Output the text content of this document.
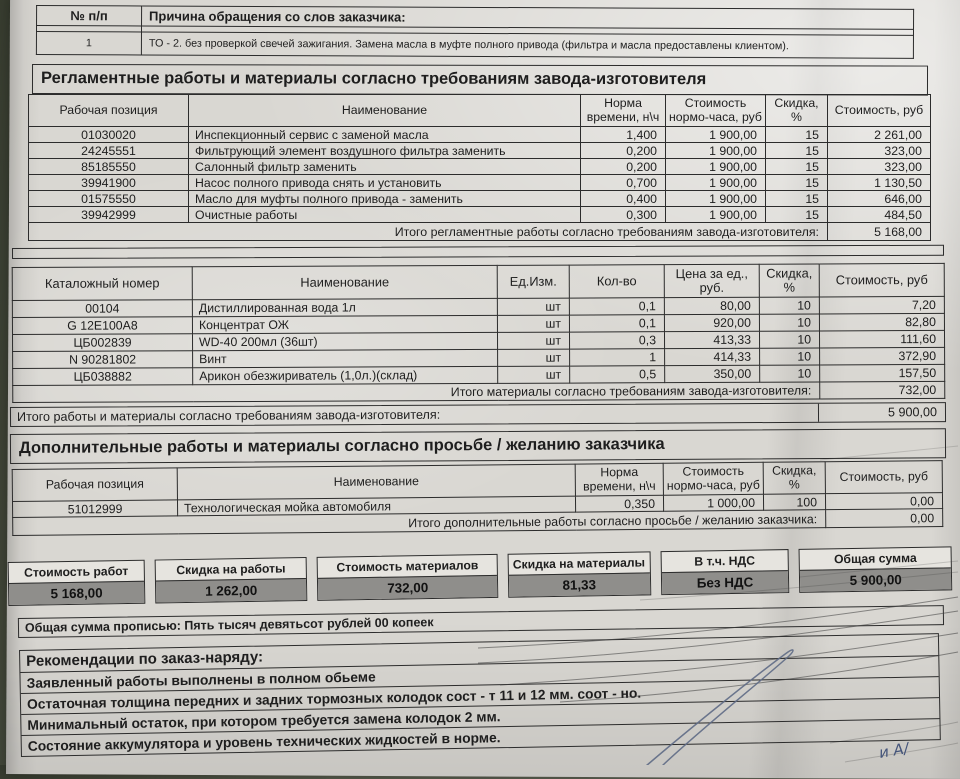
№ п/п	Причина обращения со слов заказчика:

1	ТО - 2. без проверкой свечей зажигания. Замена масла в муфте полного привода (фильтра и масла предоставлены клиентом).
Регламентные работы и материалы согласно требованиям завода-изготовителя
Рабочая позиция	Наименование	Норма времени, н\ч	Стоимость нормо-часа, руб	Скидка, %	Стоимость, руб
01030020	Инспекционный сервис с заменой масла	1,400	1 900,00	15	2 261,00
24245551	Фильтрующий элемент воздушного фильтра заменить	0,200	1 900,00	15	323,00
85185550	Салонный фильтр заменить	0,200	1 900,00	15	323,00
39941900	Насос полного привода снять и установить	0,700	1 900,00	15	1 130,50
01575550	Масло для муфты полного привода - заменить	0,400	1 900,00	15	646,00
39942999	Очистные работы	0,300	1 900,00	15	484,50
Итого регламентные работы согласно требованиям завода-изготовителя:					5 168,00
Каталожный номер	Наименование	Ед.Изм.	Кол-во	Цена за ед., руб.	Скидка, %	Стоимость, руб
00104	Дистиллированная вода 1л	шт	0,1	80,00	10	7,20
G 12E100A8	Концентрат ОЖ	шт	0,1	920,00	10	82,80
ЦБ002839	WD-40 200мл (36шт)	шт	0,3	413,33	10	111,60
N 90281802	Винт	шт	1	414,33	10	372,90
ЦБ038882	Арикон обезжириватель (1,0л.)(склад)	шт	0,5	350,00	10	157,50
Итого материалы согласно требованиям завода-изготовителя:						732,00
Итого работы и материалы согласно требованиям завода-изготовителя:	5 900,00
Дополнительные работы и материалы согласно просьбе / желанию заказчика
Рабочая позиция	Наименование	Норма времени, н\ч	Стоимость нормо-часа, руб	Скидка, %	Стоимость, руб
51012999	Технологическая мойка автомобиля	0,350	1 000,00	100	0,00
Итого дополнительные работы согласно просьбе / желанию заказчика:					0,00
Стоимость работ
5 168,00
Скидка на работы
1 262,00
Стоимость материалов
732,00
Скидка на материалы
81,33
В т.ч. НДС
Без НДС
Общая сумма
5 900,00
Общая сумма прописью: Пять тысяч девятьсот рублей 00 копеек
Рекомендации по заказ-наряду:
Заявленный работы выполнены в полном обьеме
Остаточная толщина передних и задних тормозных колодок сост - т 11 и 12 мм. соот - но.
Минимальный остаток, при котором требуется замена колодок 2 мм.
Состояние аккумулятора и уровень технических жидкостей в норме.	и А/
